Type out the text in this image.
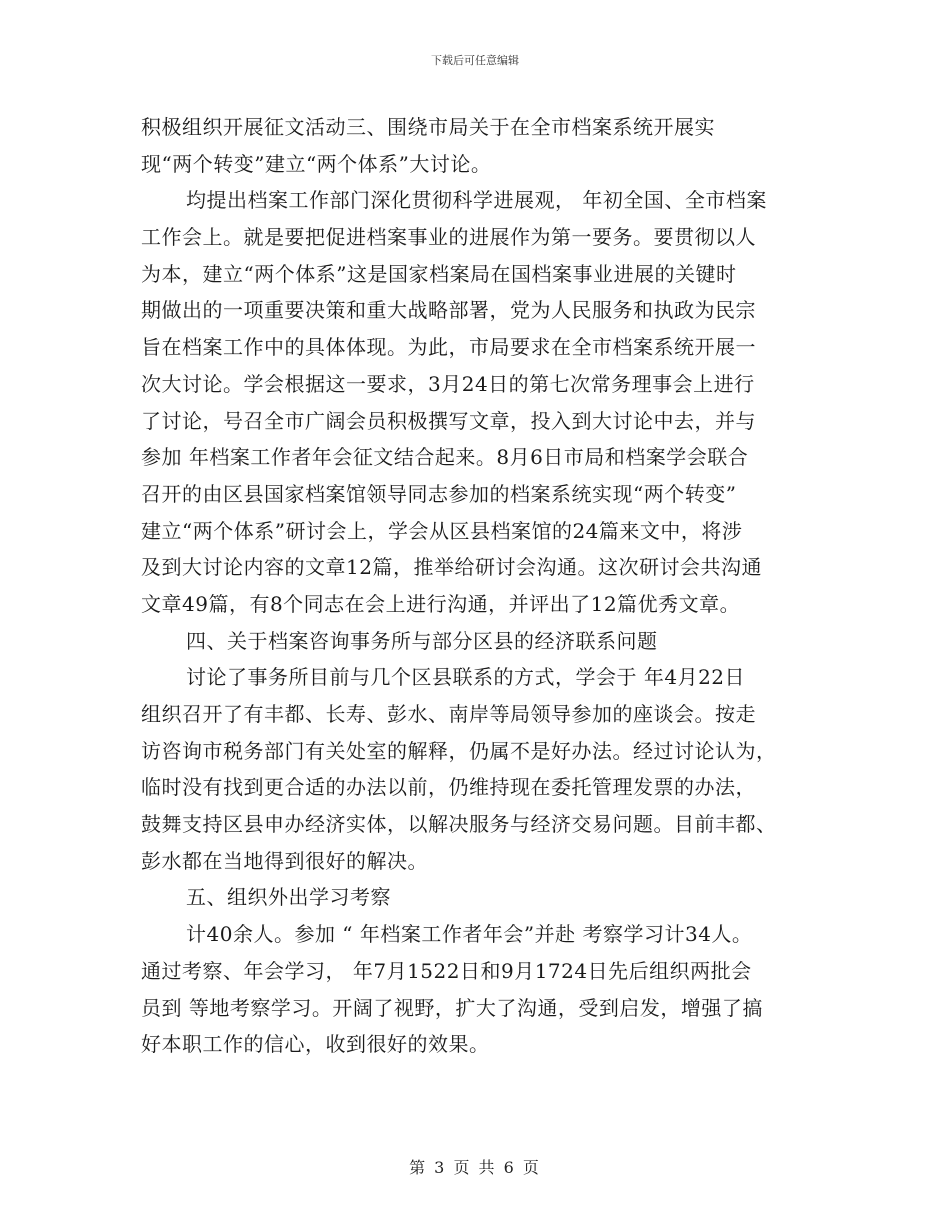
下载后可任意编辑
积极组织开展征文活动三、围绕市局关于在全市档案系统开展实
现“两个转变”建立“两个体系”大讨论。
均提出档案工作部门深化贯彻科学进展观， 年初全国、全市档案
工作会上。就是要把促进档案事业的进展作为第一要务。要贯彻以人
为本，建立“两个体系”这是国家档案局在国档案事业进展的关键时
期做出的一项重要决策和重大战略部署，党为人民服务和执政为民宗
旨在档案工作中的具体体现。为此，市局要求在全市档案系统开展一
次大讨论。学会根据这一要求，3月24日的第七次常务理事会上进行
了讨论，号召全市广阔会员积极撰写文章，投入到大讨论中去，并与
参加 年档案工作者年会征文结合起来。8月6日市局和档案学会联合
召开的由区县国家档案馆领导同志参加的档案系统实现“两个转变”
建立“两个体系”研讨会上，学会从区县档案馆的24篇来文中，将涉
及到大讨论内容的文章12篇，推举给研讨会沟通。这次研讨会共沟通
文章49篇，有8个同志在会上进行沟通，并评出了12篇优秀文章。
四、关于档案咨询事务所与部分区县的经济联系问题
讨论了事务所目前与几个区县联系的方式，学会于 年4月22日
组织召开了有丰都、长寿、彭水、南岸等局领导参加的座谈会。按走
访咨询市税务部门有关处室的解释，仍属不是好办法。经过讨论认为，
临时没有找到更合适的办法以前，仍维持现在委托管理发票的办法，
鼓舞支持区县申办经济实体，以解决服务与经济交易问题。目前丰都、
彭水都在当地得到很好的解决。
五、组织外出学习考察
计40余人。参加 “ 年档案工作者年会”并赴 考察学习计34人。
通过考察、年会学习， 年7月1522日和9月1724日先后组织两批会
员到 等地考察学习。开阔了视野，扩大了沟通，受到启发，增强了搞
好本职工作的信心，收到很好的效果。
第 3 页 共 6 页
